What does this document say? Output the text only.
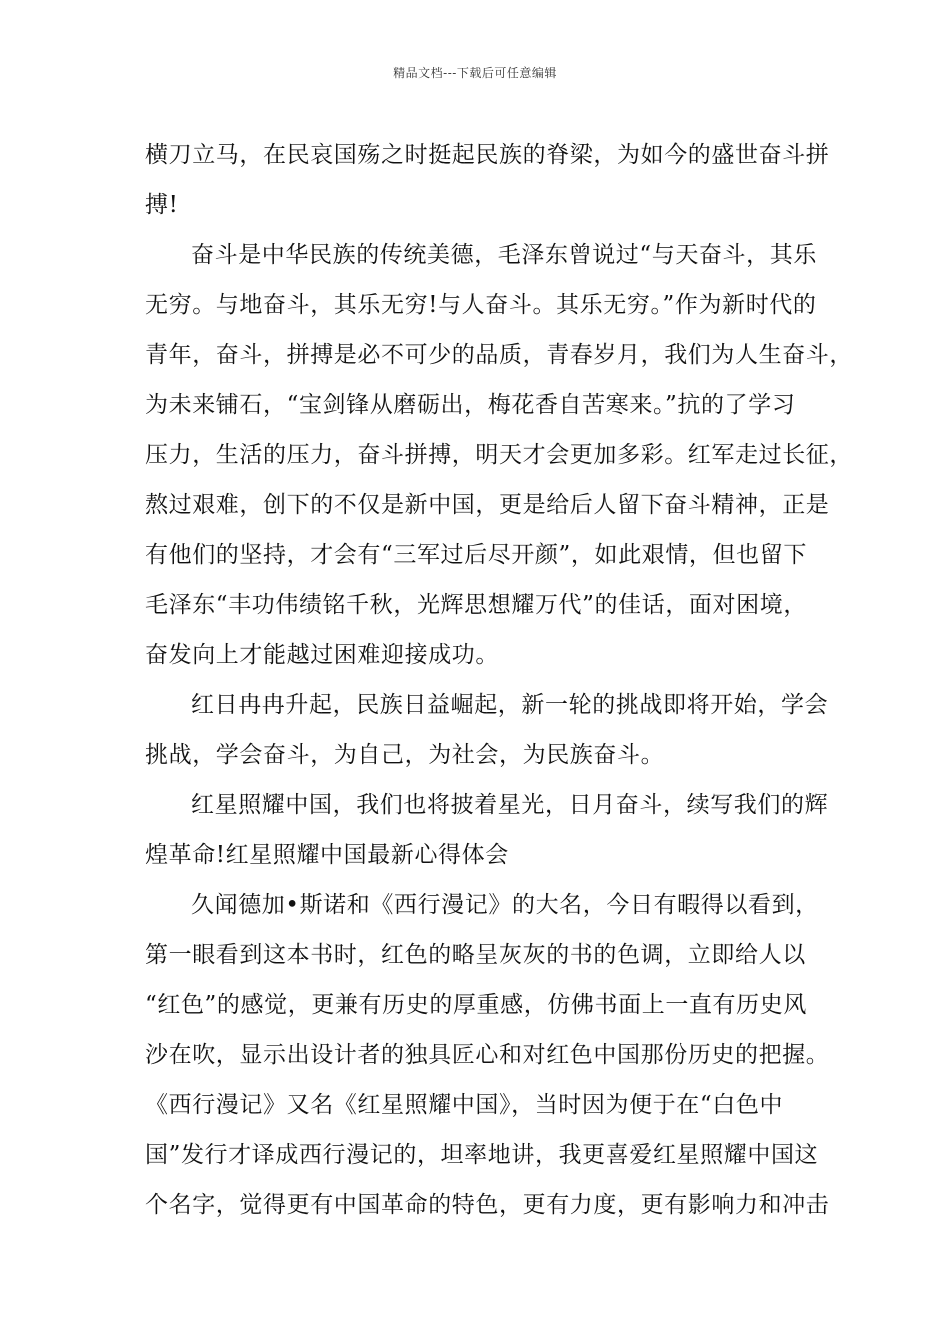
精品文档---下载后可任意编辑
横刀立马，在民哀国殇之时挺起民族的脊梁，为如今的盛世奋斗拼
搏!
奋斗是中华民族的传统美德，毛泽东曾说过“与天奋斗，其乐
无穷。与地奋斗，其乐无穷!与人奋斗。其乐无穷。”作为新时代的
青年，奋斗，拼搏是必不可少的品质，青春岁月，我们为人生奋斗，
为未来铺石，“宝剑锋从磨砺出，梅花香自苦寒来。”抗的了学习
压力，生活的压力，奋斗拼搏，明天才会更加多彩。红军走过长征，
熬过艰难，创下的不仅是新中国，更是给后人留下奋斗精神，正是
有他们的坚持，才会有“三军过后尽开颜”，如此艰情，但也留下
毛泽东“丰功伟绩铭千秋，光辉思想耀万代”的佳话，面对困境，
奋发向上才能越过困难迎接成功。
红日冉冉升起，民族日益崛起，新一轮的挑战即将开始，学会
挑战，学会奋斗，为自己，为社会，为民族奋斗。
红星照耀中国，我们也将披着星光，日月奋斗，续写我们的辉
煌革命!红星照耀中国最新心得体会
久闻德加•斯诺和《西行漫记》的大名，今日有暇得以看到，
第一眼看到这本书时，红色的略呈灰灰的书的色调，立即给人以
“红色”的感觉，更兼有历史的厚重感，仿佛书面上一直有历史风
沙在吹，显示出设计者的独具匠心和对红色中国那份历史的把握。
《西行漫记》又名《红星照耀中国》，当时因为便于在“白色中
国”发行才译成西行漫记的，坦率地讲，我更喜爱红星照耀中国这
个名字，觉得更有中国革命的特色，更有力度，更有影响力和冲击
